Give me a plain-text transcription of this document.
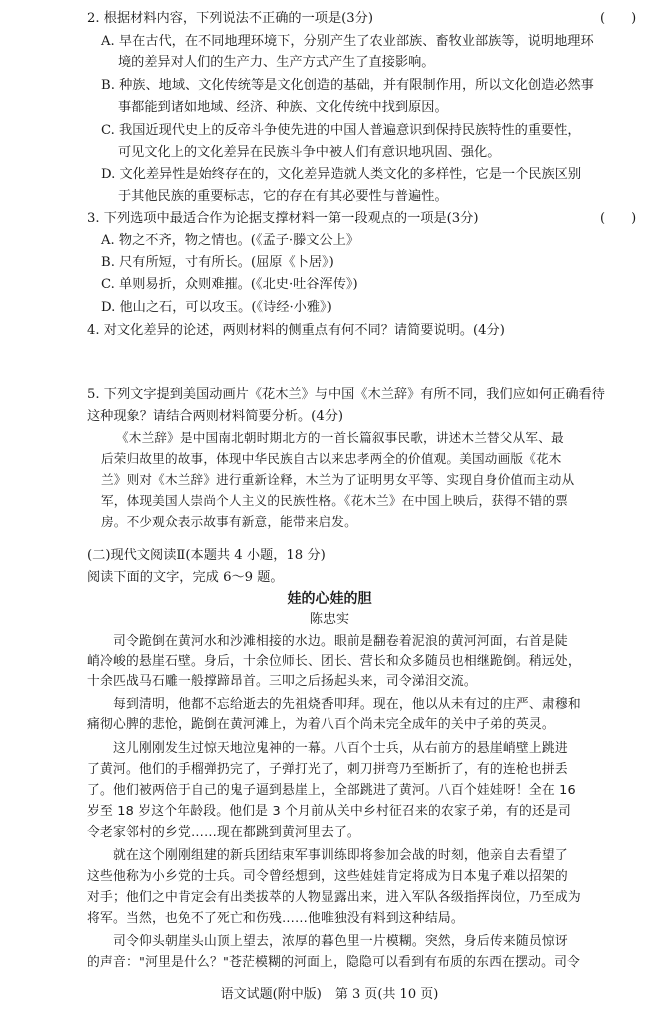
2. 根据材料内容，下列说法不正确的一项是(3分)	(　　)
A. 早在古代，在不同地理环境下，分别产生了农业部族、畜牧业部族等，说明地理环
境的差异对人们的生产力、生产方式产生了直接影响。
B. 种族、地域、文化传统等是文化创造的基础，并有限制作用，所以文化创造必然事
事都能到诸如地域、经济、种族、文化传统中找到原因。
C. 我国近现代史上的反帝斗争使先进的中国人普遍意识到保持民族特性的重要性，
可见文化上的文化差异在民族斗争中被人们有意识地巩固、强化。
D. 文化差异性是始终存在的，文化差异造就人类文化的多样性，它是一个民族区别
于其他民族的重要标志，它的存在有其必要性与普遍性。
3. 下列选项中最适合作为论据支撑材料一第一段观点的一项是(3分)	(　　)
A. 物之不齐，物之情也。(《孟子·滕文公上》
B. 尺有所短，寸有所长。(屈原《卜居》)
C. 单则易折，众则难摧。(《北史·吐谷浑传》)
D. 他山之石，可以攻玉。(《诗经·小雅》)
4. 对文化差异的论述，两则材料的侧重点有何不同？请简要说明。(4分)
5. 下列文字提到美国动画片《花木兰》与中国《木兰辞》有所不同，我们应如何正确看待
这种现象？请结合两则材料简要分析。(4分)
《木兰辞》是中国南北朝时期北方的一首长篇叙事民歌，讲述木兰替父从军、最
后荣归故里的故事，体现中华民族自古以来忠孝两全的价值观。美国动画版《花木
兰》则对《木兰辞》进行重新诠释，木兰为了证明男女平等、实现自身价值而主动从
军，体现美国人崇尚个人主义的民族性格。《花木兰》在中国上映后，获得不错的票
房。不少观众表示故事有新意，能带来启发。
(二)现代文阅读Ⅱ(本题共 4 小题，18 分)
阅读下面的文字，完成 6～9 题。
娃的心娃的胆
陈忠实
　　司令跪倒在黄河水和沙滩相接的水边。眼前是翻卷着泥浪的黄河河面，右首是陡
峭冷峻的悬崖石壁。身后，十余位师长、团长、营长和众多随员也相继跪倒。稍远处，
十余匹战马石雕一般撑蹄昂首。三叩之后扬起头来，司令涕泪交流。
　　每到清明，他都不忘给逝去的先祖烧香叩拜。现在，他以从未有过的庄严、肃穆和
痛彻心脾的悲怆，跪倒在黄河滩上，为着八百个尚未完全成年的关中子弟的英灵。
　　这儿刚刚发生过惊天地泣鬼神的一幕。八百个士兵，从右前方的悬崖峭壁上跳进
了黄河。他们的手榴弹扔完了，子弹打光了，刺刀拼弯乃至断折了，有的连枪也拼丢
了。他们被两倍于自己的鬼子逼到悬崖上，全部跳进了黄河。八百个娃娃呀！全在 16
岁至 18 岁这个年龄段。他们是 3 个月前从关中乡村征召来的农家子弟，有的还是司
令老家邻村的乡党……现在都跳到黄河里去了。
　　就在这个刚刚组建的新兵团结束军事训练即将参加会战的时刻，他亲自去看望了
这些他称为小乡党的士兵。司令曾经想到，这些娃娃肯定将成为日本鬼子难以招架的
对手；他们之中肯定会有出类拔萃的人物显露出来，进入军队各级指挥岗位，乃至成为
将军。当然，也免不了死亡和伤残……他唯独没有料到这种结局。
　　司令仰头朝崖头山顶上望去，浓厚的暮色里一片模糊。突然，身后传来随员惊讶
的声音："河里是什么？"苍茫模糊的河面上，隐隐可以看到有布质的东西在摆动。司令
语文试题(附中版)　第 3 页(共 10 页)
